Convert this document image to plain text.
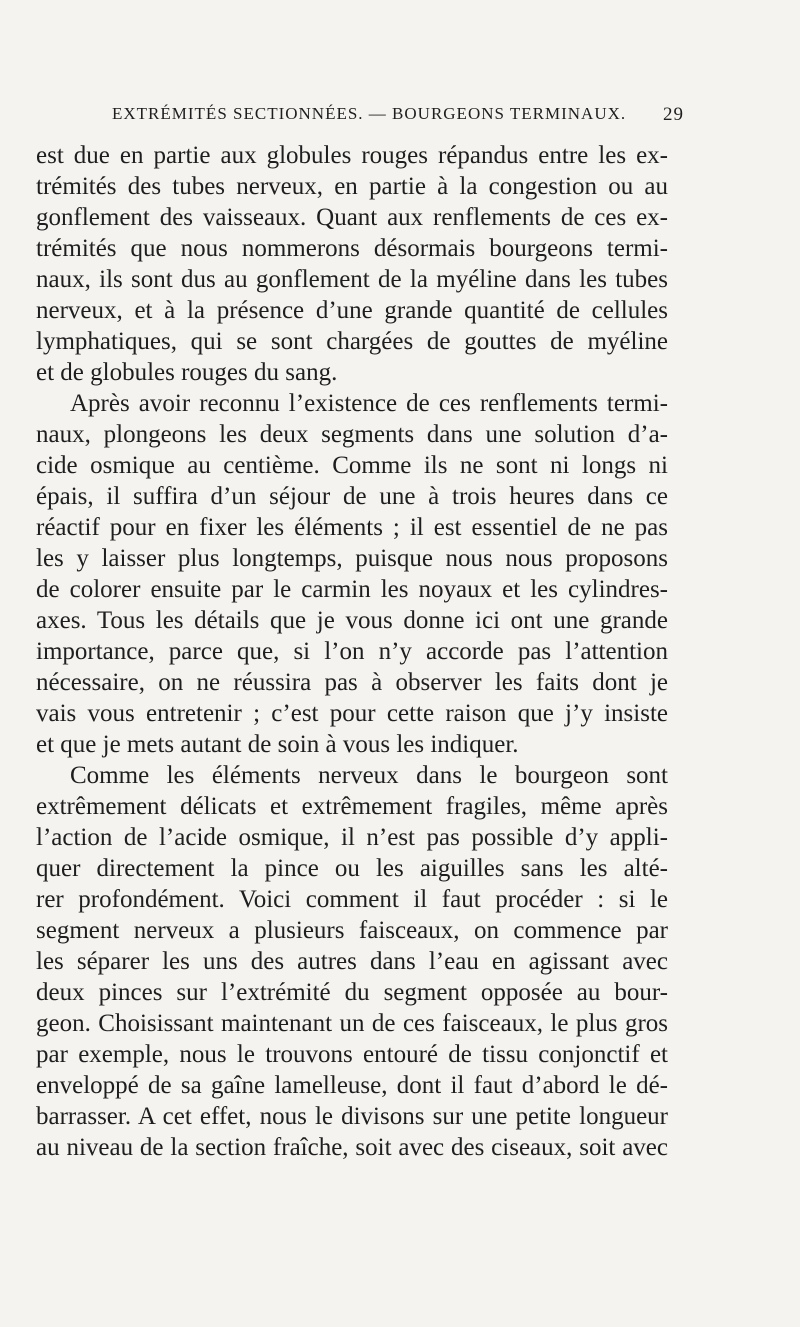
EXTRÉMITÉS SECTIONNÉES. — BOURGEONS TERMINAUX. 29
est due en partie aux globules rouges répandus entre les ex-
trémités des tubes nerveux, en partie à la congestion ou au
gonflement des vaisseaux. Quant aux renflements de ces ex-
trémités que nous nommerons désormais bourgeons termi-
naux, ils sont dus au gonflement de la myéline dans les tubes
nerveux, et à la présence d’une grande quantité de cellules
lymphatiques, qui se sont chargées de gouttes de myéline
et de globules rouges du sang.
Après avoir reconnu l’existence de ces renflements termi-
naux, plongeons les deux segments dans une solution d’a-
cide osmique au centième. Comme ils ne sont ni longs ni
épais, il suffira d’un séjour de une à trois heures dans ce
réactif pour en fixer les éléments ; il est essentiel de ne pas
les y laisser plus longtemps, puisque nous nous proposons
de colorer ensuite par le carmin les noyaux et les cylindres-
axes. Tous les détails que je vous donne ici ont une grande
importance, parce que, si l’on n’y accorde pas l’attention
nécessaire, on ne réussira pas à observer les faits dont je
vais vous entretenir ; c’est pour cette raison que j’y insiste
et que je mets autant de soin à vous les indiquer.
Comme les éléments nerveux dans le bourgeon sont
extrêmement délicats et extrêmement fragiles, même après
l’action de l’acide osmique, il n’est pas possible d’y appli-
quer directement la pince ou les aiguilles sans les alté-
rer profondément. Voici comment il faut procéder : si le
segment nerveux a plusieurs faisceaux, on commence par
les séparer les uns des autres dans l’eau en agissant avec
deux pinces sur l’extrémité du segment opposée au bour-
geon. Choisissant maintenant un de ces faisceaux, le plus gros
par exemple, nous le trouvons entouré de tissu conjonctif et
enveloppé de sa gaîne lamelleuse, dont il faut d’abord le dé-
barrasser. A cet effet, nous le divisons sur une petite longueur
au niveau de la section fraîche, soit avec des ciseaux, soit avec
